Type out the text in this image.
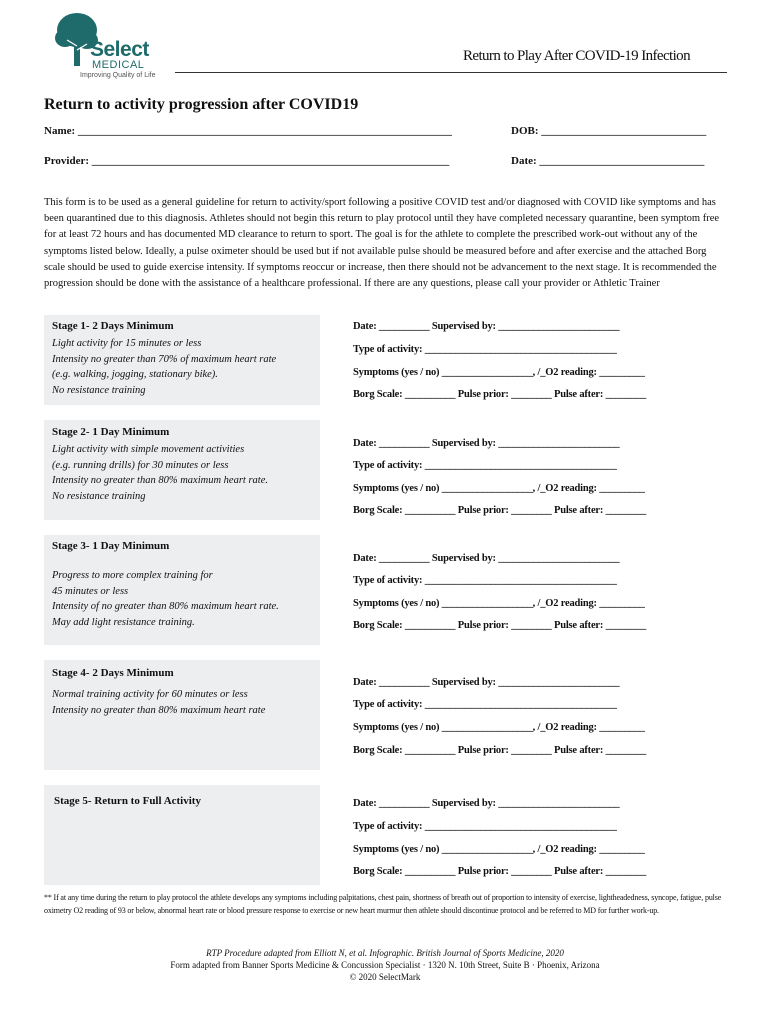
Select
MEDICAL
Improving Quality of Life
Return to Play After COVID-19 Infection
Return to activity progression after COVID19
Name: ____________________________________________________________________	DOB: ______________________________
Provider: _________________________________________________________________	Date: ______________________________
This form is to be used as a general guideline for return to activity/sport following a positive COVID test and/or diagnosed with COVID like symptoms and has been quarantined due to this diagnosis. Athletes should not begin this return to play protocol until they have completed necessary quarantine, been symptom free for at least 72 hours and has documented MD clearance to return to sport. The goal is for the athlete to complete the prescribed work-out without any of the symptoms listed below. Ideally, a pulse oximeter should be used but if not available pulse should be measured before and after exercise and the attached Borg scale should be used to guide exercise intensity. If symptoms reoccur or increase, then there should not be advancement to the next stage. It is recommended the progression should be done with the assistance of a healthcare professional. If there are any questions, please call your provider or Athletic Trainer
Stage 1- 2 Days Minimum
Light activity for 15 minutes or less
Intensity no greater than 70% of maximum heart rate
(e.g. walking, jogging, stationary bike).
No resistance training
Date: __________ Supervised by: ________________________
Type of activity: ______________________________________
Symptoms (yes / no) __________________, /_O2 reading: _________
Borg Scale: __________ Pulse prior: ________ Pulse after: ________
Stage 2- 1 Day Minimum
Light activity with simple movement activities
(e.g. running drills) for 30 minutes or less
Intensity no greater than 80% maximum heart rate.
No resistance training
Date: __________ Supervised by: ________________________
Type of activity: ______________________________________
Symptoms (yes / no) __________________, /_O2 reading: _________
Borg Scale: __________ Pulse prior: ________ Pulse after: ________
Stage 3- 1 Day Minimum
Progress to more complex training for
45 minutes or less
Intensity of no greater than 80% maximum heart rate.
May add light resistance training.
Date: __________ Supervised by: ________________________
Type of activity: ______________________________________
Symptoms (yes / no) __________________, /_O2 reading: _________
Borg Scale: __________ Pulse prior: ________ Pulse after: ________
Stage 4- 2 Days Minimum
Normal training activity for 60 minutes or less
Intensity no greater than 80% maximum heart rate
Date: __________ Supervised by: ________________________
Type of activity: ______________________________________
Symptoms (yes / no) __________________, /_O2 reading: _________
Borg Scale: __________ Pulse prior: ________ Pulse after: ________
Stage 5- Return to Full Activity	Date: __________ Supervised by: ________________________
Type of activity: ______________________________________
Symptoms (yes / no) __________________, /_O2 reading: _________
Borg Scale: __________ Pulse prior: ________ Pulse after: ________
** If at any time during the return to play protocol the athlete develops any symptoms including palpitations, chest pain, shortness of breath out of proportion to intensity of exercise, lightheadedness, syncope, fatigue, pulse oximetry O2 reading of 93 or below, abnormal heart rate or blood pressure response to exercise or new heart murmur then athlete should discontinue protocol and be referred to MD for further work-up.
RTP Procedure adapted from Elliott N, et al. Infographic. British Journal of Sports Medicine, 2020
Form adapted from Banner Sports Medicine & Concussion Specialist · 1320 N. 10th Street, Suite B · Phoenix, Arizona
© 2020 SelectMark
